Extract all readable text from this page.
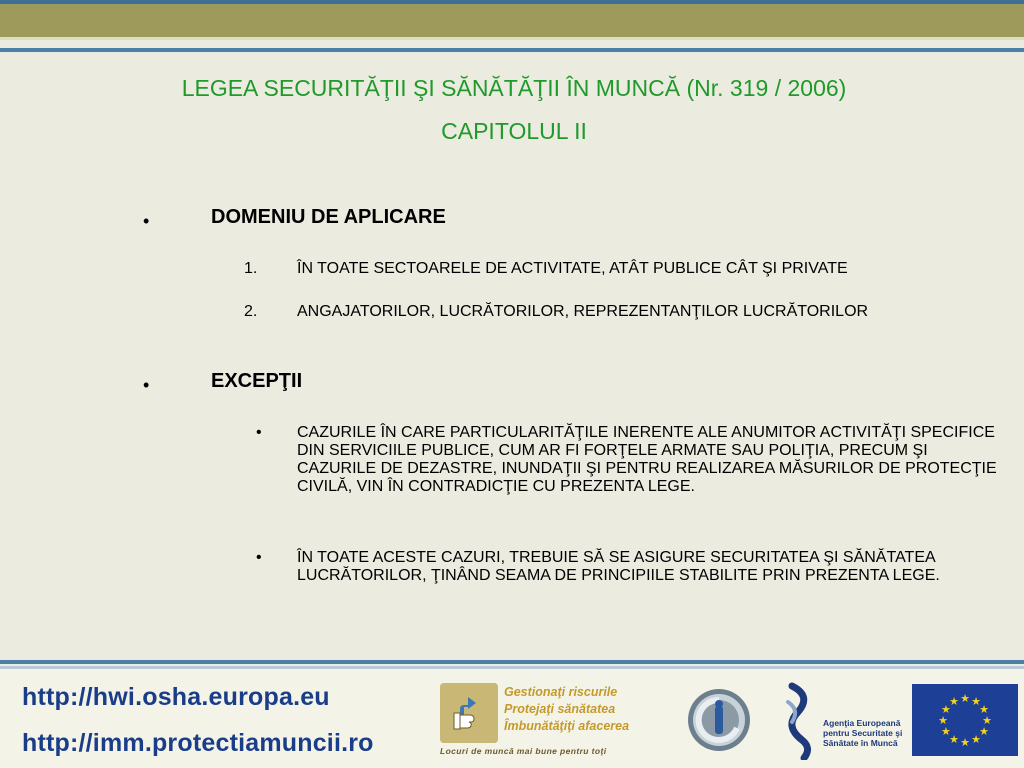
LEGEA SECURITĂŢII ŞI SĂNĂTĂŢII ÎN MUNCĂ (Nr. 319 / 2006)
CAPITOLUL II
•	DOMENIU DE APLICARE
1. ÎN TOATE SECTOARELE DE ACTIVITATE, ATÂT PUBLICE CÂT ŞI PRIVATE
2. ANGAJATORILOR, LUCRĂTORILOR, REPREZENTANŢILOR LUCRĂTORILOR
•	EXCEPŢII
• CAZURILE ÎN CARE PARTICULARITĂŢILE INERENTE ALE ANUMITOR ACTIVITĂŢI SPECIFICE DIN SERVICIILE PUBLICE, CUM AR FI FORŢELE ARMATE SAU POLIŢIA, PRECUM ŞI CAZURILE DE DEZASTRE, INUNDAŢII ŞI PENTRU REALIZAREA MĂSURILOR DE PROTECŢIE CIVILĂ, VIN ÎN CONTRADICŢIE CU PREZENTA LEGE.
• ÎN TOATE ACESTE CAZURI, TREBUIE SĂ SE ASIGURE SECURITATEA ŞI SĂNĂTATEA LUCRĂTORILOR, ŢINÂND SEAMA DE PRINCIPIILE STABILITE PRIN PREZENTA LEGE.
http://hwi.osha.europa.eu
http://imm.protectiamuncii.ro
Gestionaţi riscurile
Protejaţi sănătatea
Îmbunătăţiţi afacerea
Locuri de muncă mai bune pentru toţi
Agenţia Europeană
pentru Securitate şi
Sănătate în Muncă
★ ★
★
★
★
★
★
★
★
★
★
★
